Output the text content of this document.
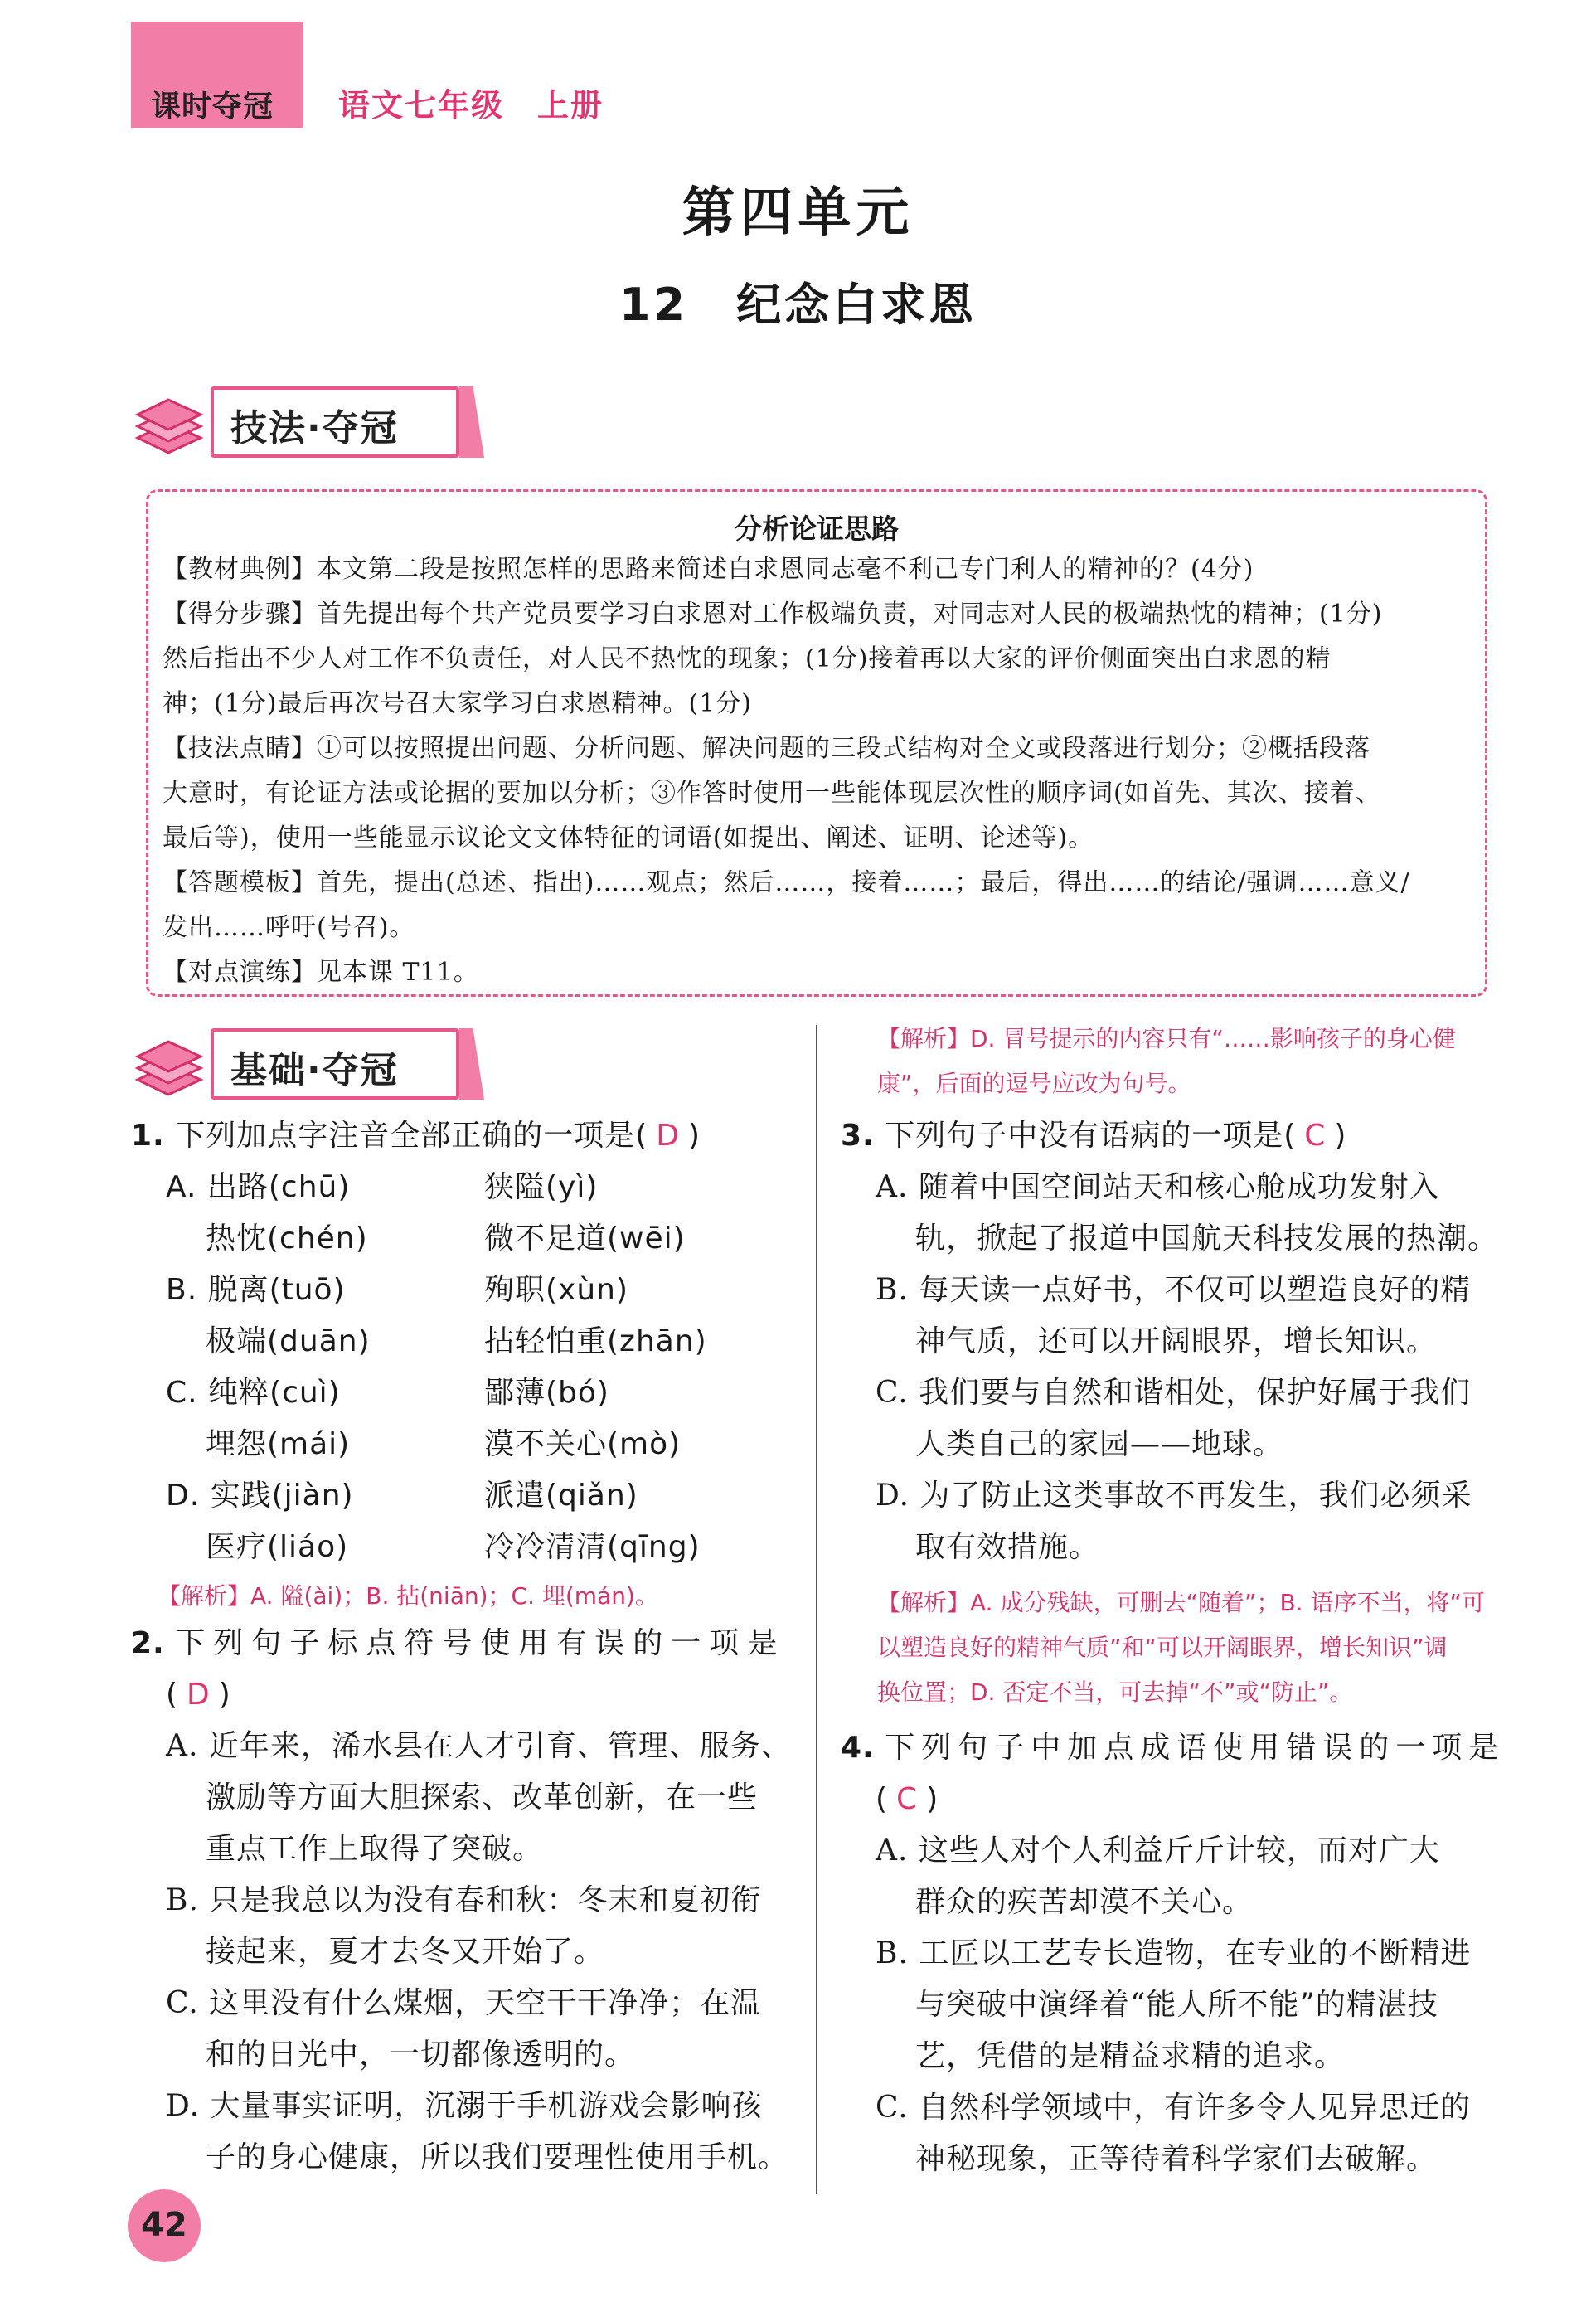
课时夺冠 语文七年级　上册
第四单元
12　纪念白求恩
技法·夺冠
分析论证思路
【教材典例】本文第二段是按照怎样的思路来简述白求恩同志毫不利己专门利人的精神的？(4分)
【得分步骤】首先提出每个共产党员要学习白求恩对工作极端负责，对同志对人民的极端热忱的精神；(1分)
然后指出不少人对工作不负责任，对人民不热忱的现象；(1分)接着再以大家的评价侧面突出白求恩的精
神；(1分)最后再次号召大家学习白求恩精神。(1分)
【技法点睛】①可以按照提出问题、分析问题、解决问题的三段式结构对全文或段落进行划分；②概括段落
大意时，有论证方法或论据的要加以分析；③作答时使用一些能体现层次性的顺序词(如首先、其次、接着、
最后等)，使用一些能显示议论文文体特征的词语(如提出、阐述、证明、论述等)。
【答题模板】首先，提出(总述、指出)……观点；然后……，接着……；最后，得出……的结论/强调……意义/
发出……呼吁(号召)。
【对点演练】见本课 T11。
基础·夺冠
1. 下列加点字注音全部正确的一项是( D )
A. 出路(chū)	狭隘(yì)
热忱(chén)	微不足道(wēi)
B. 脱离(tuō)	殉职(xùn)
极端(duān)	拈轻怕重(zhān)
C. 纯粹(cuì)	鄙薄(bó)
埋怨(mái)	漠不关心(mò)
D. 实践(jiàn)	派遣(qiǎn)
医疗(liáo)	冷冷清清(qīng)
【解析】A. 隘(ài)；B. 拈(niān)；C. 埋(mán)。
2. 下列句子标点符号使用有误的一项是
( D )
A. 近年来，浠水县在人才引育、管理、服务、
激励等方面大胆探索、改革创新，在一些
重点工作上取得了突破。
B. 只是我总以为没有春和秋：冬末和夏初衔
接起来，夏才去冬又开始了。
C. 这里没有什么煤烟，天空干干净净；在温
和的日光中，一切都像透明的。
D. 大量事实证明，沉溺于手机游戏会影响孩
子的身心健康，所以我们要理性使用手机。
【解析】D. 冒号提示的内容只有“……影响孩子的身心健
康”，后面的逗号应改为句号。
3. 下列句子中没有语病的一项是( C )
A. 随着中国空间站天和核心舱成功发射入
轨，掀起了报道中国航天科技发展的热潮。
B. 每天读一点好书，不仅可以塑造良好的精
神气质，还可以开阔眼界，增长知识。
C. 我们要与自然和谐相处，保护好属于我们
人类自己的家园——地球。
D. 为了防止这类事故不再发生，我们必须采
取有效措施。
【解析】A. 成分残缺，可删去“随着”；B. 语序不当，将“可
以塑造良好的精神气质”和“可以开阔眼界，增长知识”调
换位置；D. 否定不当，可去掉“不”或“防止”。
4. 下列句子中加点成语使用错误的一项是
( C )
A. 这些人对个人利益斤斤计较，而对广大
群众的疾苦却漠不关心。
B. 工匠以工艺专长造物，在专业的不断精进
与突破中演绎着“能人所不能”的精湛技
艺，凭借的是精益求精的追求。
C. 自然科学领域中，有许多令人见异思迁的
神秘现象，正等待着科学家们去破解。
42
